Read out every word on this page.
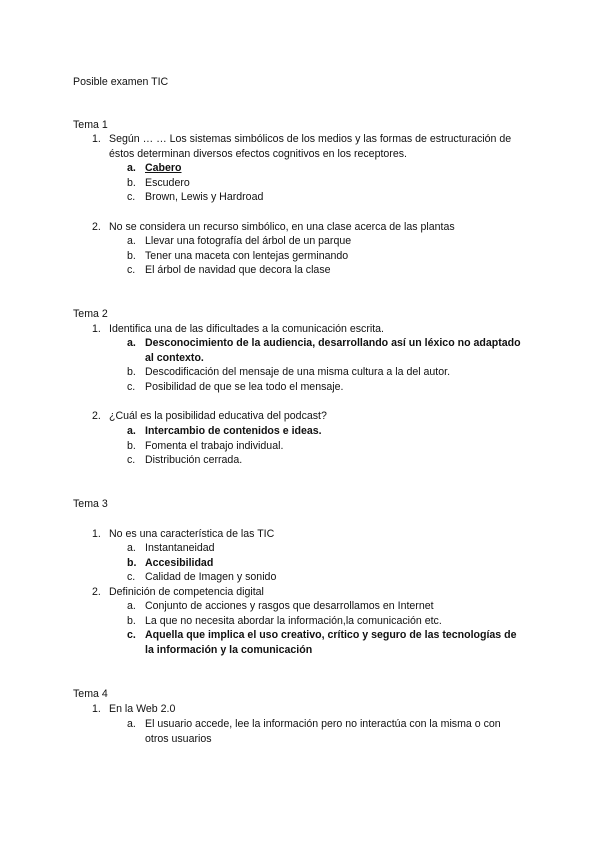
Posible examen TIC
Tema 1
1. Según … … Los sistemas simbólicos de los medios y las formas de estructuración de éstos determinan diversos efectos cognitivos en los receptores.
a. Cabero
b. Escudero
c. Brown, Lewis y Hardroad
2. No se considera un recurso simbólico, en una clase acerca de las plantas
a. Llevar una fotografía del árbol de un parque
b. Tener una maceta con lentejas germinando
c. El árbol de navidad que decora la clase
Tema 2
1. Identifica una de las dificultades a la comunicación escrita.
a. Desconocimiento de la audiencia, desarrollando así un léxico no adaptado al contexto.
b. Descodificación del mensaje de una misma cultura a la del autor.
c. Posibilidad de que se lea todo el mensaje.
2. ¿Cuál es la posibilidad educativa del podcast?
a. Intercambio de contenidos e ideas.
b. Fomenta el trabajo individual.
c. Distribución cerrada.
Tema 3
1. No es una característica de las TIC
a. Instantaneidad
b. Accesibilidad
c. Calidad de Imagen y sonido
2. Definición de competencia digital
a. Conjunto de acciones y rasgos que desarrollamos en Internet
b. La que no necesita abordar la información,la comunicación etc.
c. Aquella que implica el uso creativo, crítico y seguro de las tecnologías de la información y la comunicación
Tema 4
1. En la Web 2.0
a. El usuario accede, lee la información pero no interactúa con la misma o con otros usuarios
